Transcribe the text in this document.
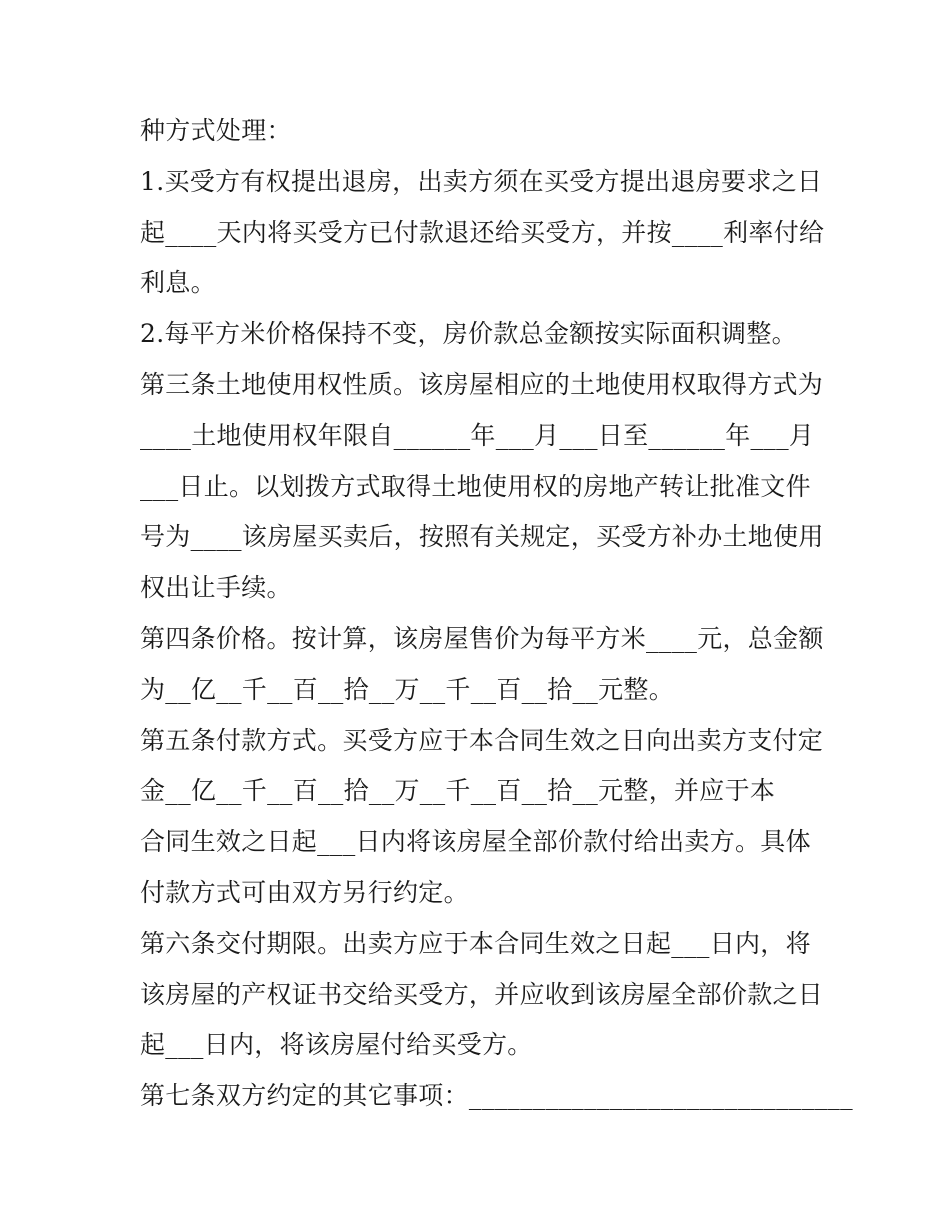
种方式处理：
1.买受方有权提出退房，出卖方须在买受方提出退房要求之日
起____天内将买受方已付款退还给买受方，并按____利率付给
利息。
2.每平方米价格保持不变，房价款总金额按实际面积调整。
第三条土地使用权性质。该房屋相应的土地使用权取得方式为
____土地使用权年限自______年___月___日至______年___月
___日止。以划拨方式取得土地使用权的房地产转让批准文件
号为____该房屋买卖后，按照有关规定，买受方补办土地使用
权出让手续。
第四条价格。按计算，该房屋售价为每平方米____元，总金额
为__亿__千__百__拾__万__千__百__拾__元整。
第五条付款方式。买受方应于本合同生效之日向出卖方支付定
金__亿__千__百__拾__万__千__百__拾__元整，并应于本
合同生效之日起___日内将该房屋全部价款付给出卖方。具体
付款方式可由双方另行约定。
第六条交付期限。出卖方应于本合同生效之日起___日内，将
该房屋的产权证书交给买受方，并应收到该房屋全部价款之日
起___日内，将该房屋付给买受方。
第七条双方约定的其它事项：______________________________
